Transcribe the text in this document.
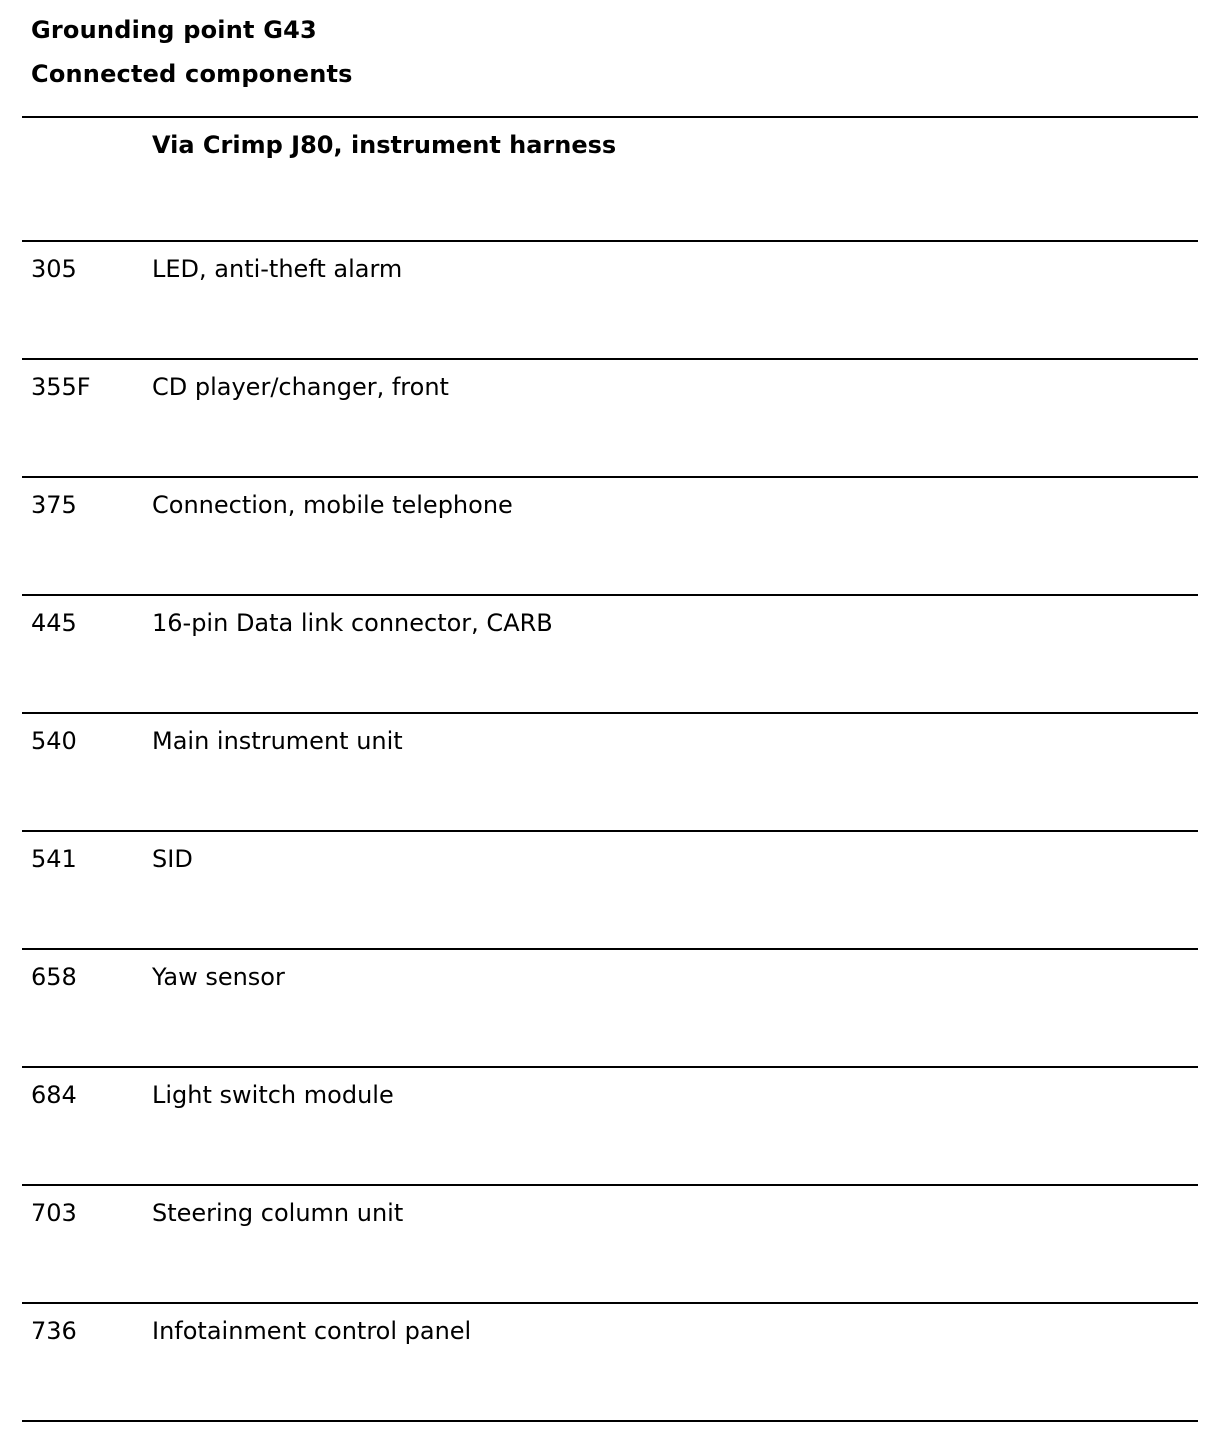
Grounding point G43

Connected components

Via Crimp J80, instrument harness
305	LED, anti-theft alarm
355F	CD player/changer, front
375	Connection, mobile telephone
445	16-pin Data link connector, CARB
540	Main instrument unit
541	SID
658	Yaw sensor
684	Light switch module
703	Steering column unit
736	Infotainment control panel
